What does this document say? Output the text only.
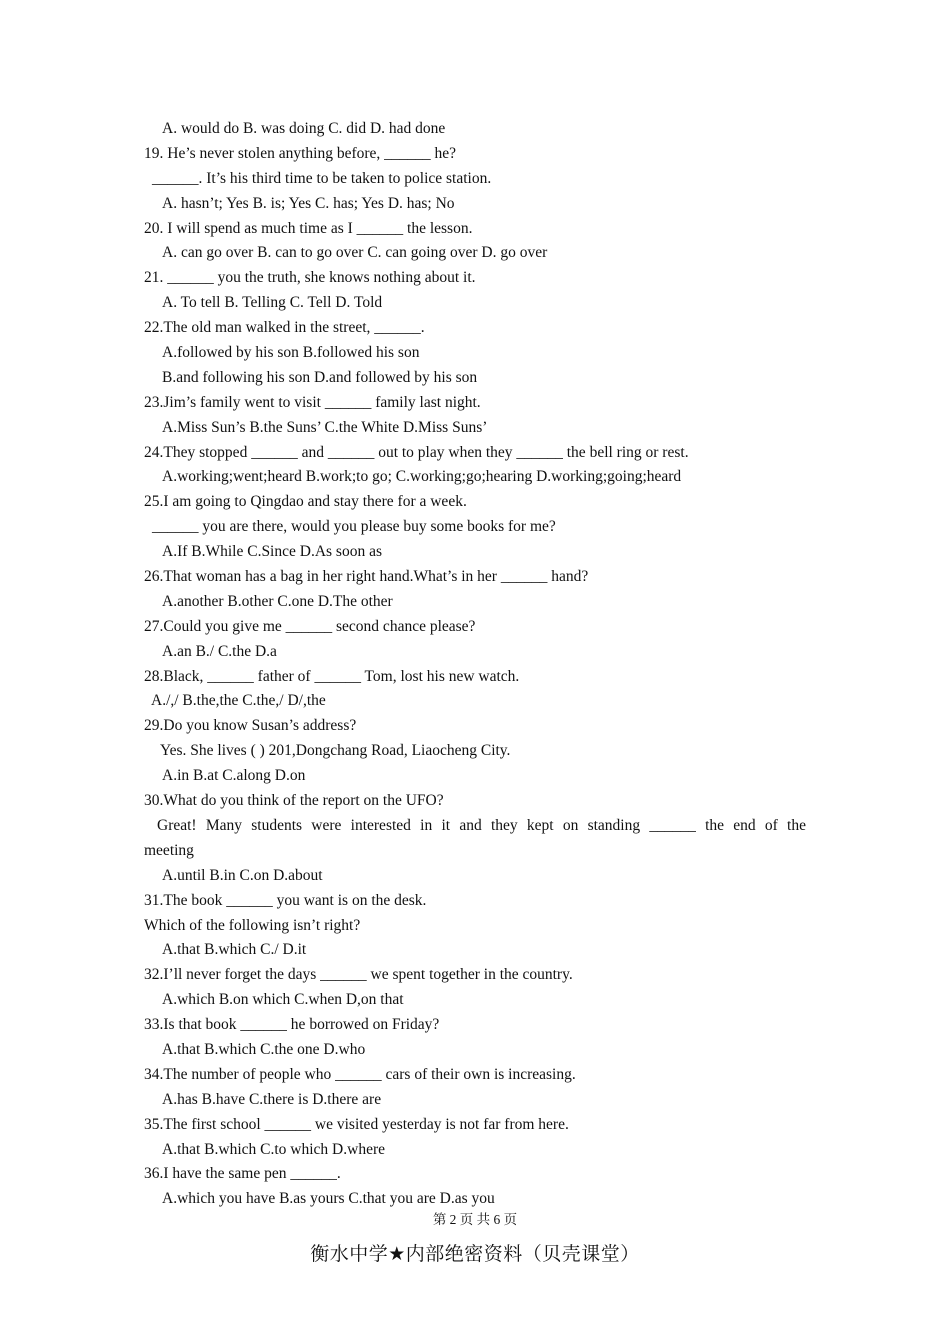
A. would do B. was doing C. did D. had done
19. He’s never stolen anything before, ______ he?
______. It’s his third time to be taken to police station.
A. hasn’t; Yes B. is; Yes C. has; Yes D. has; No
20. I will spend as much time as I ______ the lesson.
A. can go over B. can to go over C. can going over D. go over
21. ______ you the truth, she knows nothing about it.
A. To tell B. Telling C. Tell D. Told
22.The old man walked in the street, ______.
A.followed by his son B.followed his son
B.and following his son D.and followed by his son
23.Jim’s family went to visit ______ family last night.
A.Miss Sun’s B.the Suns’ C.the White D.Miss Suns’
24.They stopped ______ and ______ out to play when they ______ the bell ring or rest.
A.working;went;heard B.work;to go; C.working;go;hearing D.working;going;heard
25.I am going to Qingdao and stay there for a week.
______ you are there, would you please buy some books for me?
A.If B.While C.Since D.As soon as
26.That woman has a bag in her right hand.What’s in her ______ hand?
A.another B.other C.one D.The other
27.Could you give me ______ second chance please?
A.an B./ C.the D.a
28.Black, ______ father of ______ Tom, lost his new watch.
A./,/ B.the,the C.the,/ D/,the
29.Do you know Susan’s address?
Yes. She lives ( ) 201,Dongchang Road, Liaocheng City.
A.in B.at C.along D.on
30.What do you think of the report on the UFO?
Great! Many students were interested in it and they kept on standing ______ the end of the
meeting
A.until B.in C.on D.about
31.The book ______ you want is on the desk.
Which of the following isn’t right?
A.that B.which C./ D.it
32.I’ll never forget the days ______ we spent together in the country.
A.which B.on which C.when D,on that
33.Is that book ______ he borrowed on Friday?
A.that B.which C.the one D.who
34.The number of people who ______ cars of their own is increasing.
A.has B.have C.there is D.there are
35.The first school ______ we visited yesterday is not far from here.
A.that B.which C.to which D.where
36.I have the same pen ______.
A.which you have B.as yours C.that you are D.as you
第 2 页 共 6 页
衡水中学★内部绝密资料（贝壳课堂）
